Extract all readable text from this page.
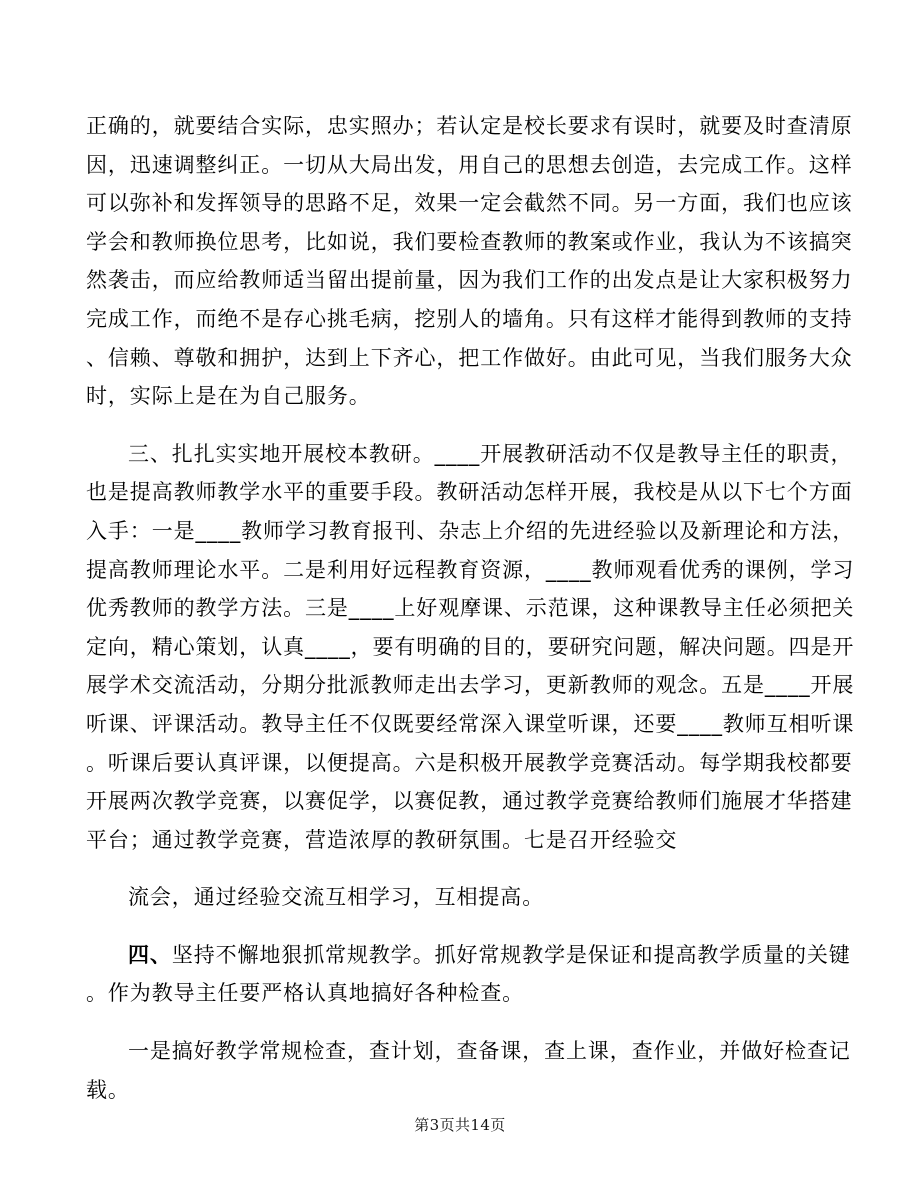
正确的，就要结合实际，忠实照办；若认定是校长要求有误时，就要及时查清原
因，迅速调整纠正。一切从大局出发，用自己的思想去创造，去完成工作。这样
可以弥补和发挥领导的思路不足，效果一定会截然不同。另一方面，我们也应该
学会和教师换位思考，比如说，我们要检查教师的教案或作业，我认为不该搞突
然袭击，而应给教师适当留出提前量，因为我们工作的出发点是让大家积极努力
完成工作，而绝不是存心挑毛病，挖别人的墙角。只有这样才能得到教师的支持
、信赖、尊敬和拥护，达到上下齐心，把工作做好。由此可见，当我们服务大众
时，实际上是在为自己服务。
三、扎扎实实地开展校本教研。____开展教研活动不仅是教导主任的职责，
也是提高教师教学水平的重要手段。教研活动怎样开展，我校是从以下七个方面
入手：一是____教师学习教育报刊、杂志上介绍的先进经验以及新理论和方法，
提高教师理论水平。二是利用好远程教育资源，____教师观看优秀的课例，学习
优秀教师的教学方法。三是____上好观摩课、示范课，这种课教导主任必须把关
定向，精心策划，认真____，要有明确的目的，要研究问题，解决问题。四是开
展学术交流活动，分期分批派教师走出去学习，更新教师的观念。五是____开展
听课、评课活动。教导主任不仅既要经常深入课堂听课，还要____教师互相听课
。听课后要认真评课，以便提高。六是积极开展教学竞赛活动。每学期我校都要
开展两次教学竞赛，以赛促学，以赛促教，通过教学竞赛给教师们施展才华搭建
平台；通过教学竞赛，营造浓厚的教研氛围。七是召开经验交
流会，通过经验交流互相学习，互相提高。
四、坚持不懈地狠抓常规教学。抓好常规教学是保证和提高教学质量的关键
。作为教导主任要严格认真地搞好各种检查。
一是搞好教学常规检查，查计划，查备课，查上课，查作业，并做好检查记
载。
第3页共14页
